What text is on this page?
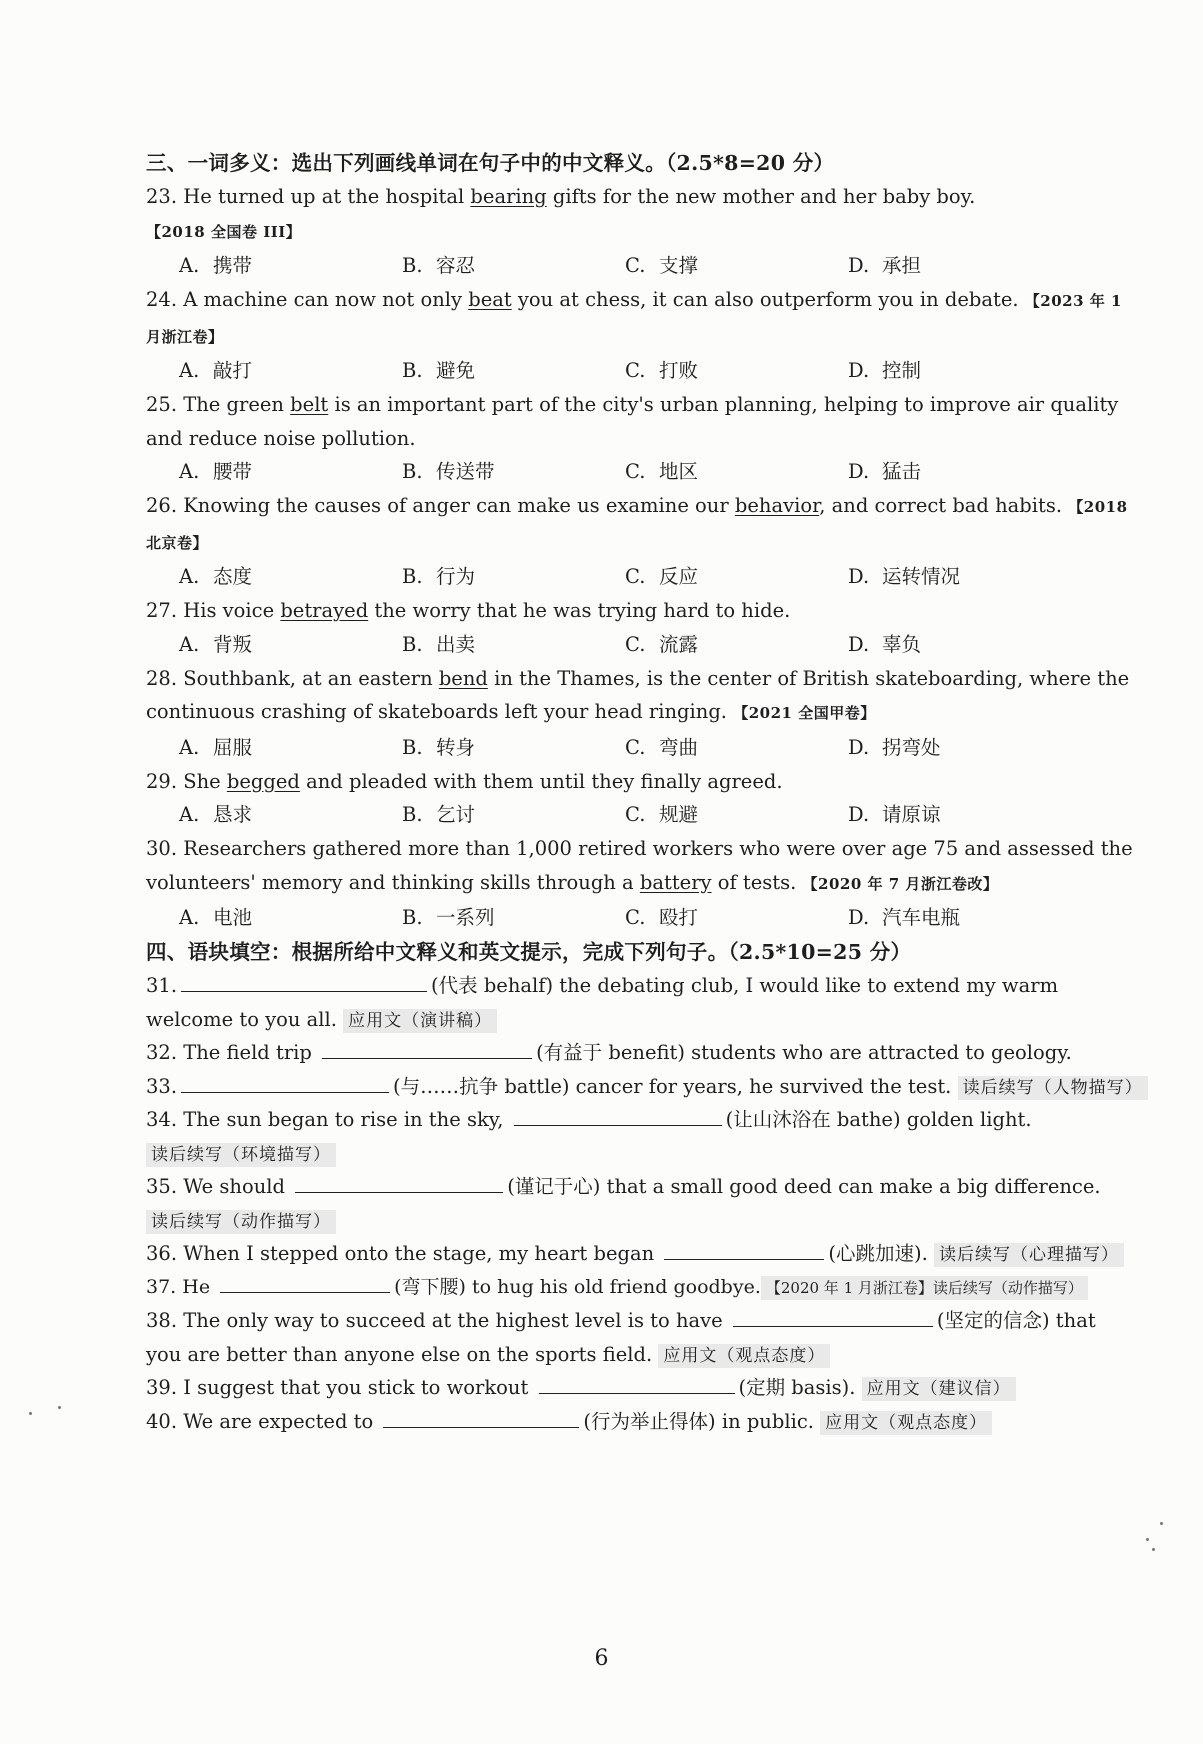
三、一词多义：选出下列画线单词在句子中的中文释义。（2.5*8=20 分）
23. He turned up at the hospital bearing gifts for the new mother and her baby boy. 【2018 全国卷 III】
A. 携带	B. 容忍	C. 支撑	D. 承担
24. A machine can now not only beat you at chess, it can also outperform you in debate. 【2023 年 1 月浙江卷】
A. 敲打	B. 避免	C. 打败	D. 控制
25. The green belt is an important part of the city's urban planning, helping to improve air quality and reduce noise pollution.
A. 腰带	B. 传送带	C. 地区	D. 猛击
26. Knowing the causes of anger can make us examine our behavior, and correct bad habits. 【2018 北京卷】
A. 态度	B. 行为	C. 反应	D. 运转情况
27. His voice betrayed the worry that he was trying hard to hide.
A. 背叛	B. 出卖	C. 流露	D. 辜负
28. Southbank, at an eastern bend in the Thames, is the center of British skateboarding, where the continuous crashing of skateboards left your head ringing. 【2021 全国甲卷】
A. 屈服	B. 转身	C. 弯曲	D. 拐弯处
29. She begged and pleaded with them until they finally agreed.
A. 恳求	B. 乞讨	C. 规避	D. 请原谅
30. Researchers gathered more than 1,000 retired workers who were over age 75 and assessed the volunteers' memory and thinking skills through a battery of tests. 【2020 年 7 月浙江卷改】
A. 电池	B. 一系列	C. 殴打	D. 汽车电瓶
四、语块填空：根据所给中文释义和英文提示，完成下列句子。（2.5*10=25 分）
31.	(代表 behalf) the debating club, I would like to extend my warm welcome to you all. 应用文（演讲稿）
32. The field trip	(有益于 benefit) students who are attracted to geology.
33.	(与……抗争 battle) cancer for years, he survived the test. 读后续写（人物描写）
34. The sun began to rise in the sky,	(让山沐浴在 bathe) golden light. 读后续写（环境描写）
35. We should	(谨记于心) that a small good deed can make a big difference. 读后续写（动作描写）
36. When I stepped onto the stage, my heart began	(心跳加速). 读后续写（心理描写）
37. He	(弯下腰) to hug his old friend goodbye. 【2020 年 1 月浙江卷】读后续写（动作描写）
38. The only way to succeed at the highest level is to have	(坚定的信念) that you are better than anyone else on the sports field. 应用文（观点态度）
39. I suggest that you stick to workout	(定期 basis). 应用文（建议信）
40. We are expected to	(行为举止得体) in public. 应用文（观点态度）
6
